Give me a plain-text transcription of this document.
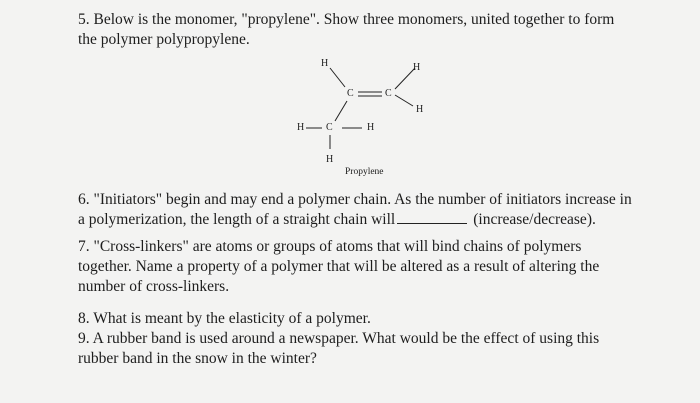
5. Below is the monomer, "propylene". Show three monomers, united together to form

the polymer polypropylene.

H	H
H
C	C
H C	H
H
Propylene

6. "Initiators" begin and may end a polymer chain. As the number of initiators increase in

a polymerization, the length of a straight chain will	(increase/decrease).

7. "Cross-linkers" are atoms or groups of atoms that will bind chains of polymers

together. Name a property of a polymer that will be altered as a result of altering the

number of cross-linkers.

8. What is meant by the elasticity of a polymer.

9. A rubber band is used around a newspaper. What would be the effect of using this

rubber band in the snow in the winter?
